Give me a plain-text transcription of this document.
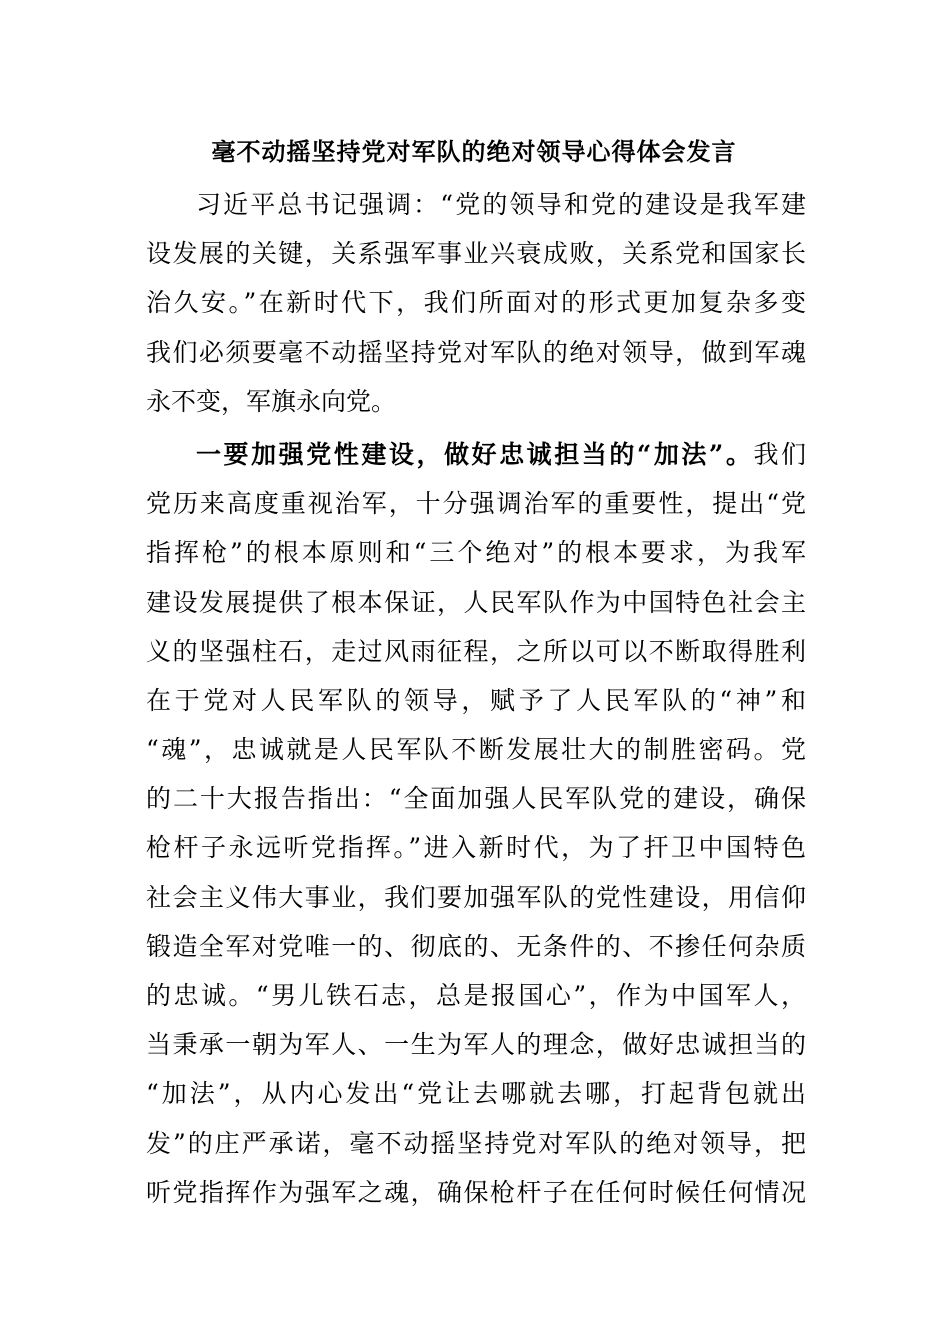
毫不动摇坚持党对军队的绝对领导心得体会发言
习近平总书记强调：“党的领导和党的建设是我军建
设发展的关键，关系强军事业兴衰成败，关系党和国家长
治久安。”在新时代下，我们所面对的形式更加复杂多变
我们必须要毫不动摇坚持党对军队的绝对领导，做到军魂
永不变，军旗永向党。
一要加强党性建设，做好忠诚担当的“加法”。我们
党历来高度重视治军，十分强调治军的重要性，提出“党
指挥枪”的根本原则和“三个绝对”的根本要求，为我军
建设发展提供了根本保证，人民军队作为中国特色社会主
义的坚强柱石，走过风雨征程，之所以可以不断取得胜利
在于党对人民军队的领导，赋予了人民军队的“神”和
“魂”，忠诚就是人民军队不断发展壮大的制胜密码。党
的二十大报告指出：“全面加强人民军队党的建设，确保
枪杆子永远听党指挥。”进入新时代，为了扞卫中国特色
社会主义伟大事业，我们要加强军队的党性建设，用信仰
锻造全军对党唯一的、彻底的、无条件的、不掺任何杂质
的忠诚。“男儿铁石志，总是报国心”，作为中国军人，
当秉承一朝为军人、一生为军人的理念，做好忠诚担当的
“加法”，从内心发出“党让去哪就去哪，打起背包就出
发”的庄严承诺，毫不动摇坚持党对军队的绝对领导，把
听党指挥作为强军之魂，确保枪杆子在任何时候任何情况
